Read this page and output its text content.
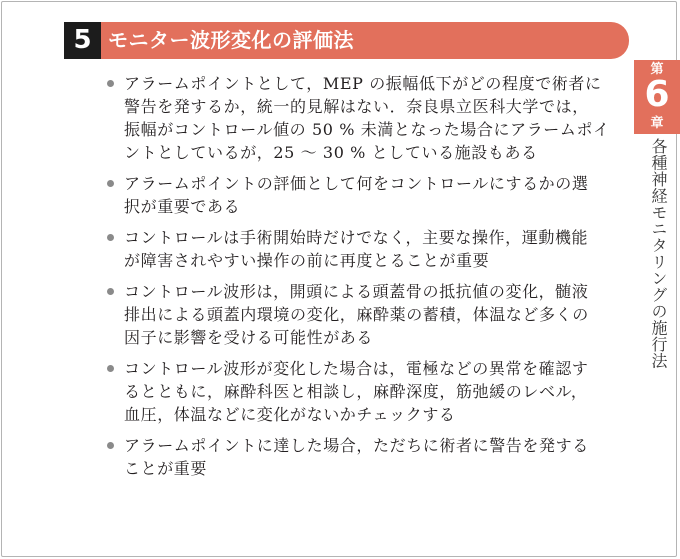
5 モニター波形変化の評価法
第
6
章
各種神経モニタリングの施行法
アラームポイントとして，MEP の振幅低下がどの程度で術者に
警告を発するか，統一的見解はない．奈良県立医科大学では，
振幅がコントロール値の 50 % 未満となった場合にアラームポイ
ントとしているが，25 ～ 30 % としている施設もある
アラームポイントの評価として何をコントロールにするかの選
択が重要である
コントロールは手術開始時だけでなく，主要な操作，運動機能
が障害されやすい操作の前に再度とることが重要
コントロール波形は，開頭による頭蓋骨の抵抗値の変化，髄液
排出による頭蓋内環境の変化，麻酔薬の蓄積，体温など多くの
因子に影響を受ける可能性がある
コントロール波形が変化した場合は，電極などの異常を確認す
るとともに，麻酔科医と相談し，麻酔深度，筋弛緩のレベル，
血圧，体温などに変化がないかチェックする
アラームポイントに達した場合，ただちに術者に警告を発する
ことが重要
